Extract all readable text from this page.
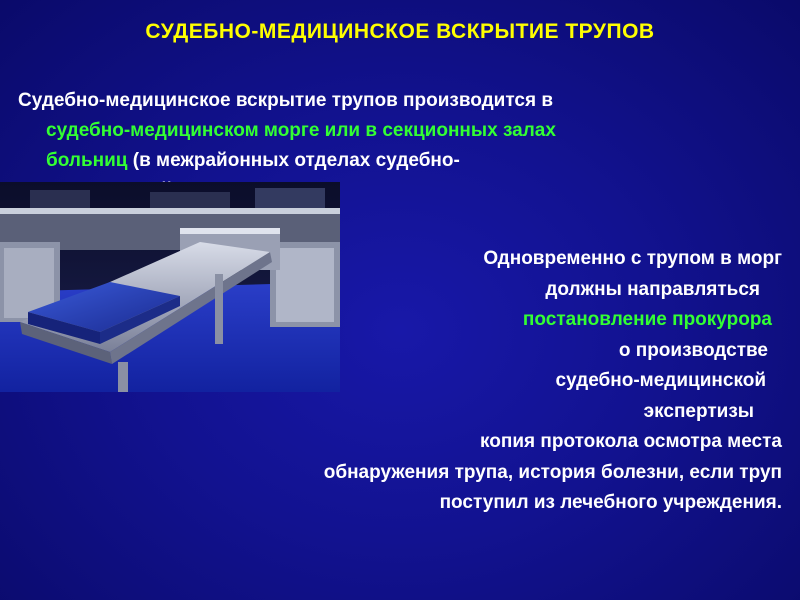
СУДЕБНО-МЕДИЦИНСКОЕ ВСКРЫТИЕ ТРУПОВ
Судебно-медицинское вскрытие трупов производится в
судебно-медицинском морге или в секционных залах
больниц (в межрайонных отделах судебно-
Одновременно с трупом в морг
должны направляться
постановление прокурора
о производстве
судебно-медицинской
экспертизы
копия протокола осмотра места
обнаружения трупа, история болезни, если труп
поступил из лечебного учреждения.
